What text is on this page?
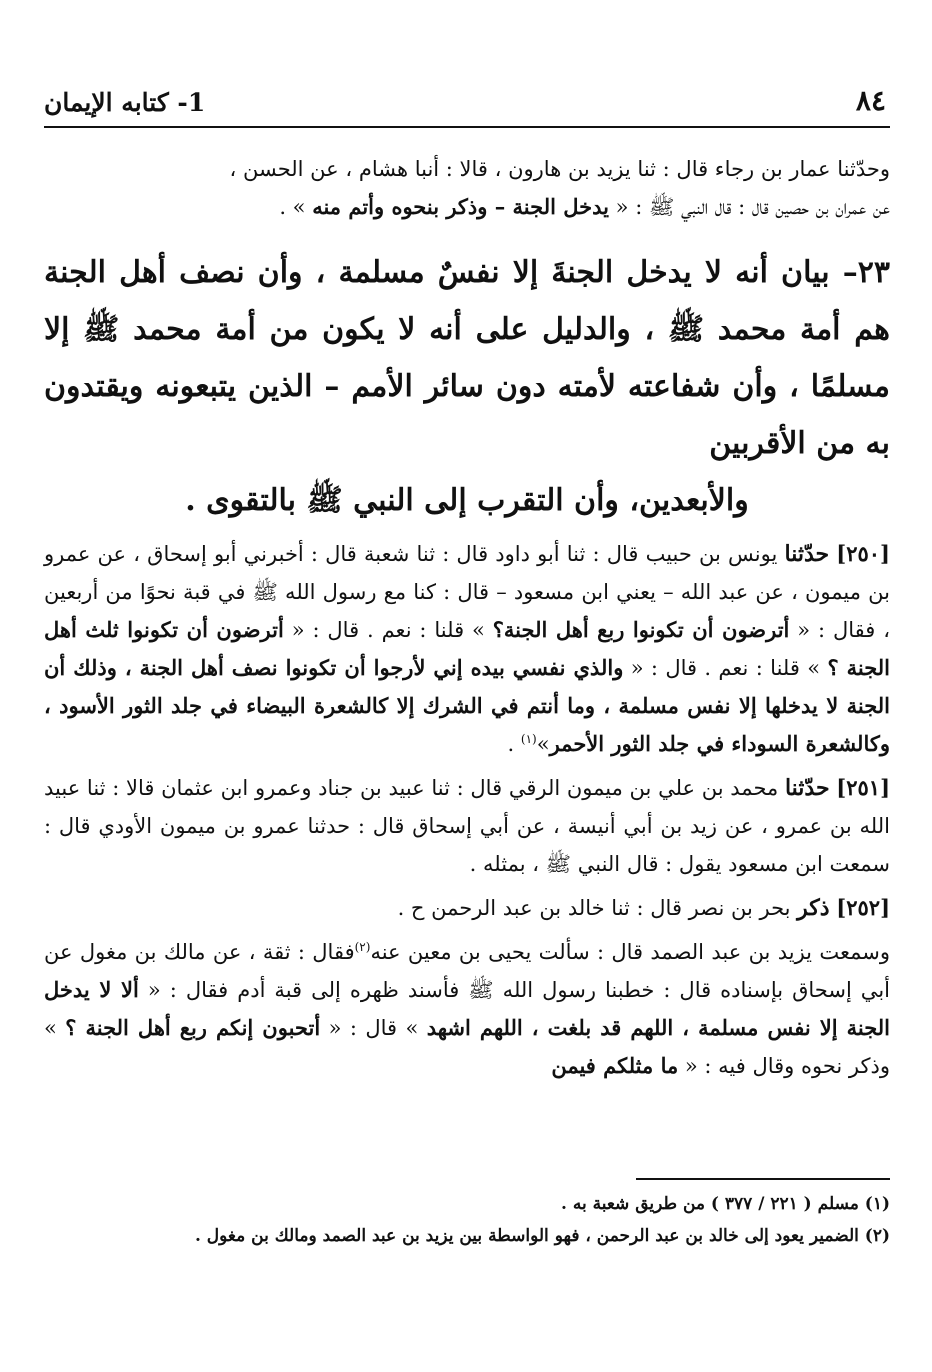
٨٤
1- كتابه الإيمان

وحدّثنا عمار بن رجاء قال : ثنا يزيد بن هارون ، قالا : أنبا هشام ، عن الحسن ،
عن عمران بن حصين قال : قال النبي ﷺ : « يدخل الجنة – وذكر بنحوه وأتم منه » .

٢٣– بيان أنه لا يدخل الجنةَ إلا نفسٌ مسلمة ، وأن نصف أهل الجنة هم أمة محمد ﷺ ، والدليل على أنه لا يكون من أمة محمد ﷺ إلا مسلمًا ، وأن شفاعته لأمته دون سائر الأمم – الذين يتبعونه ويقتدون به من الأقربين
والأبعدين، وأن التقرب إلى النبي ﷺ بالتقوى .

[٢٥٠] حدّثنا يونس بن حبيب قال : ثنا أبو داود قال : ثنا شعبة قال : أخبرني أبو إسحاق ، عن عمرو بن ميمون ، عن عبد الله – يعني ابن مسعود – قال : كنا مع رسول الله ﷺ في قبة نحوًا من أربعين ، فقال : « أترضون أن تكونوا ربع أهل الجنة؟ » قلنا : نعم . قال : « أترضون أن تكونوا ثلث أهل الجنة ؟ » قلنا : نعم . قال : « والذي نفسي بيده إني لأرجوا أن تكونوا نصف أهل الجنة ، وذلك أن الجنة لا يدخلها إلا نفس مسلمة ، وما أنتم في الشرك إلا كالشعرة البيضاء في جلد الثور الأسود ، وكالشعرة السوداء في جلد الثور الأحمر»$^{(١)}$ .

[٢٥١] حدّثنا محمد بن علي بن ميمون الرقي قال : ثنا عبيد بن جناد وعمرو ابن عثمان قالا : ثنا عبيد الله بن عمرو ، عن زيد بن أبي أنيسة ، عن أبي إسحاق قال : حدثنا عمرو بن ميمون الأودي قال : سمعت ابن مسعود يقول : قال النبي ﷺ ، بمثله .

[٢٥٢] ذكر بحر بن نصر قال : ثنا خالد بن عبد الرحمن ح .

وسمعت يزيد بن عبد الصمد قال : سألت يحيى بن معين عنه$^{(٢)}$فقال : ثقة ، عن مالك بن مغول عن أبي إسحاق بإسناده قال : خطبنا رسول الله ﷺ فأسند ظهره إلى قبة أدم فقال : « ألا لا يدخل الجنة إلا نفس مسلمة ، اللهم قد بلغت ، اللهم اشهد » قال : « أتحبون إنكم ربع أهل الجنة ؟ » وذكر نحوه وقال فيه : « ما مثلكم فيمن

(١) مسلم ( ٢٢١ / ٣٧٧ ) من طريق شعبة به .

(٢) الضمير يعود إلى خالد بن عبد الرحمن ، فهو الواسطة بين يزيد بن عبد الصمد ومالك بن مغول .
